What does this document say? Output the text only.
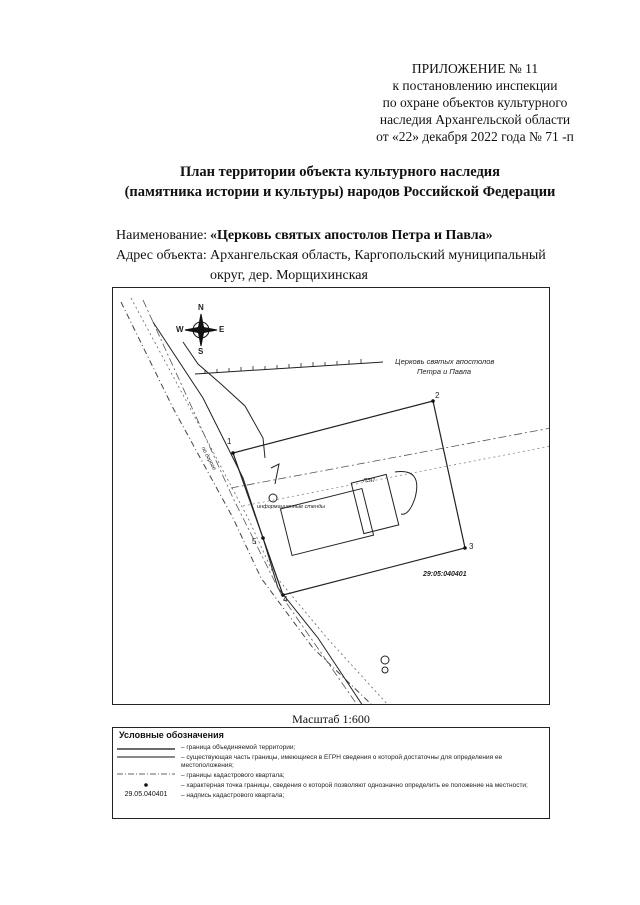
ПРИЛОЖЕНИЕ № 11
к постановлению инспекции
по охране объектов культурного
наследия Архангельской области
от «22» декабря 2022 года № 71 -п
План территории объекта культурного наследия
(памятника истории и культуры) народов Российской Федерации
Наименование: «Церковь святых апостолов Петра и Павла»
Адрес объекта: Архангельская область, Каргопольский муниципальный
округ, дер. Морщихинская
N
S
W	E
Церковь святых апостолов
Петра и Павла
1
2
3
4
5
29:05:040401
информационные стенды
ЛЭП
по дороге
Масштаб 1:600
Условные обозначения
– граница объединяемой территории;
– существующая часть границы, имеющиеся в ЕГРН сведения о которой достаточны для определения ее
местоположения;
– границы кадастрового квартала;
– характерная точка границы, сведения о которой позволяют однозначно определить ее положение на местности;
29.05.040401	– надпись кадастрового квартала;
